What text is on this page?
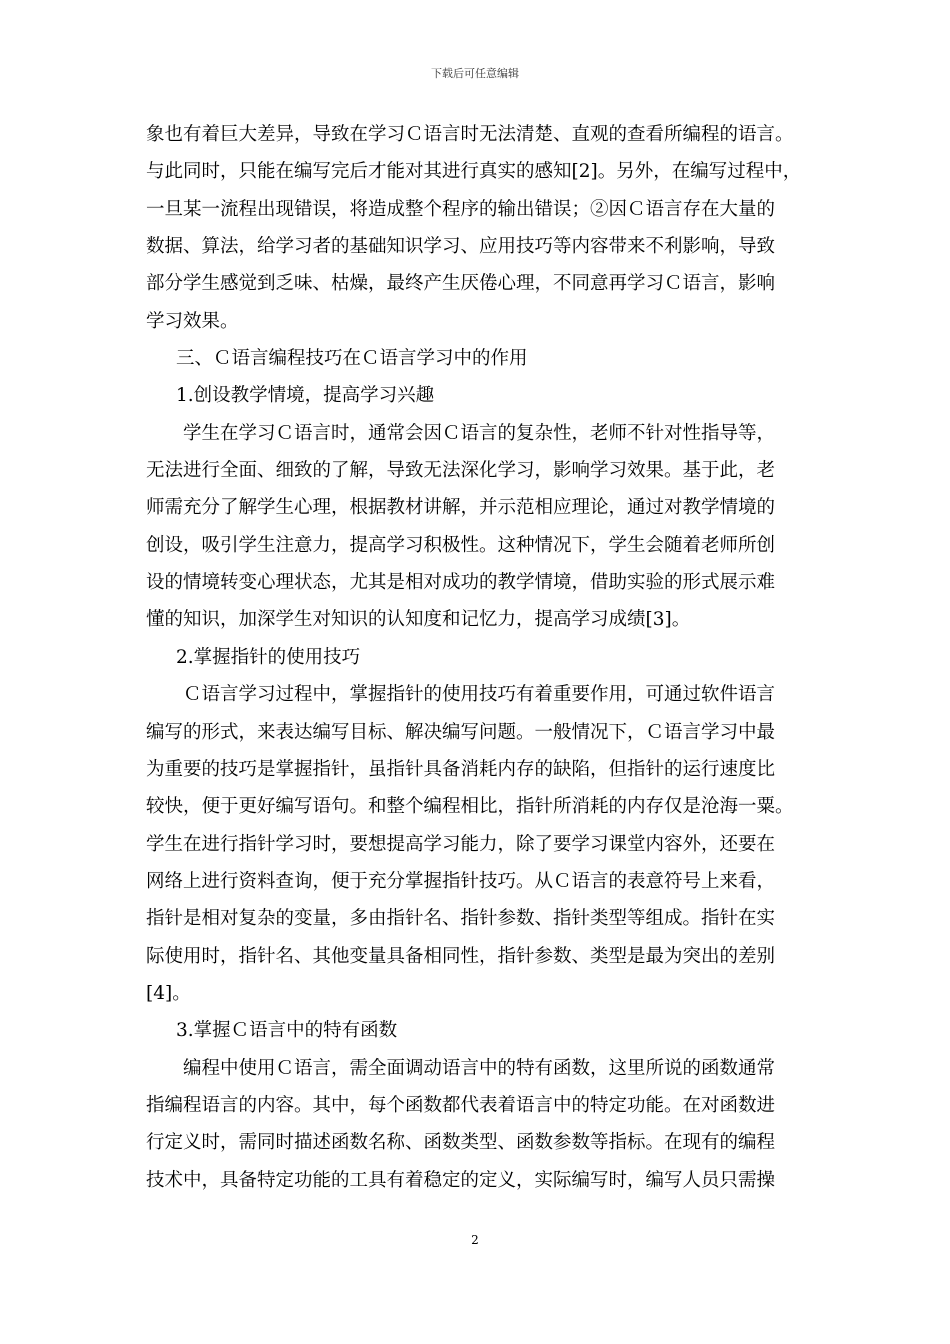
下载后可任意编辑
象也有着巨大差异，导致在学习Ｃ语言时无法清楚、直观的查看所编程的语言。
与此同时，只能在编写完后才能对其进行真实的感知[2]。另外，在编写过程中，
一旦某一流程出现错误，将造成整个程序的输出错误；②因Ｃ语言存在大量的
数据、算法，给学习者的基础知识学习、应用技巧等内容带来不利影响，导致
部分学生感觉到乏味、枯燥，最终产生厌倦心理，不同意再学习Ｃ语言，影响
学习效果。
三、Ｃ语言编程技巧在Ｃ语言学习中的作用
1.创设教学情境，提高学习兴趣
学生在学习Ｃ语言时，通常会因Ｃ语言的复杂性，老师不针对性指导等，
无法进行全面、细致的了解，导致无法深化学习，影响学习效果。基于此，老
师需充分了解学生心理，根据教材讲解，并示范相应理论，通过对教学情境的
创设，吸引学生注意力，提高学习积极性。这种情况下，学生会随着老师所创
设的情境转变心理状态，尤其是相对成功的教学情境，借助实验的形式展示难
懂的知识，加深学生对知识的认知度和记忆力，提高学习成绩[3]。
2.掌握指针的使用技巧
Ｃ语言学习过程中，掌握指针的使用技巧有着重要作用，可通过软件语言
编写的形式，来表达编写目标、解决编写问题。一般情况下，Ｃ语言学习中最
为重要的技巧是掌握指针，虽指针具备消耗内存的缺陷，但指针的运行速度比
较快，便于更好编写语句。和整个编程相比，指针所消耗的内存仅是沧海一粟。
学生在进行指针学习时，要想提高学习能力，除了要学习课堂内容外，还要在
网络上进行资料查询，便于充分掌握指针技巧。从Ｃ语言的表意符号上来看，
指针是相对复杂的变量，多由指针名、指针参数、指针类型等组成。指针在实
际使用时，指针名、其他变量具备相同性，指针参数、类型是最为突出的差别
[4]。
3.掌握Ｃ语言中的特有函数
编程中使用Ｃ语言，需全面调动语言中的特有函数，这里所说的函数通常
指编程语言的内容。其中，每个函数都代表着语言中的特定功能。在对函数进
行定义时，需同时描述函数名称、函数类型、函数参数等指标。在现有的编程
技术中，具备特定功能的工具有着稳定的定义，实际编写时，编写人员只需操
2
